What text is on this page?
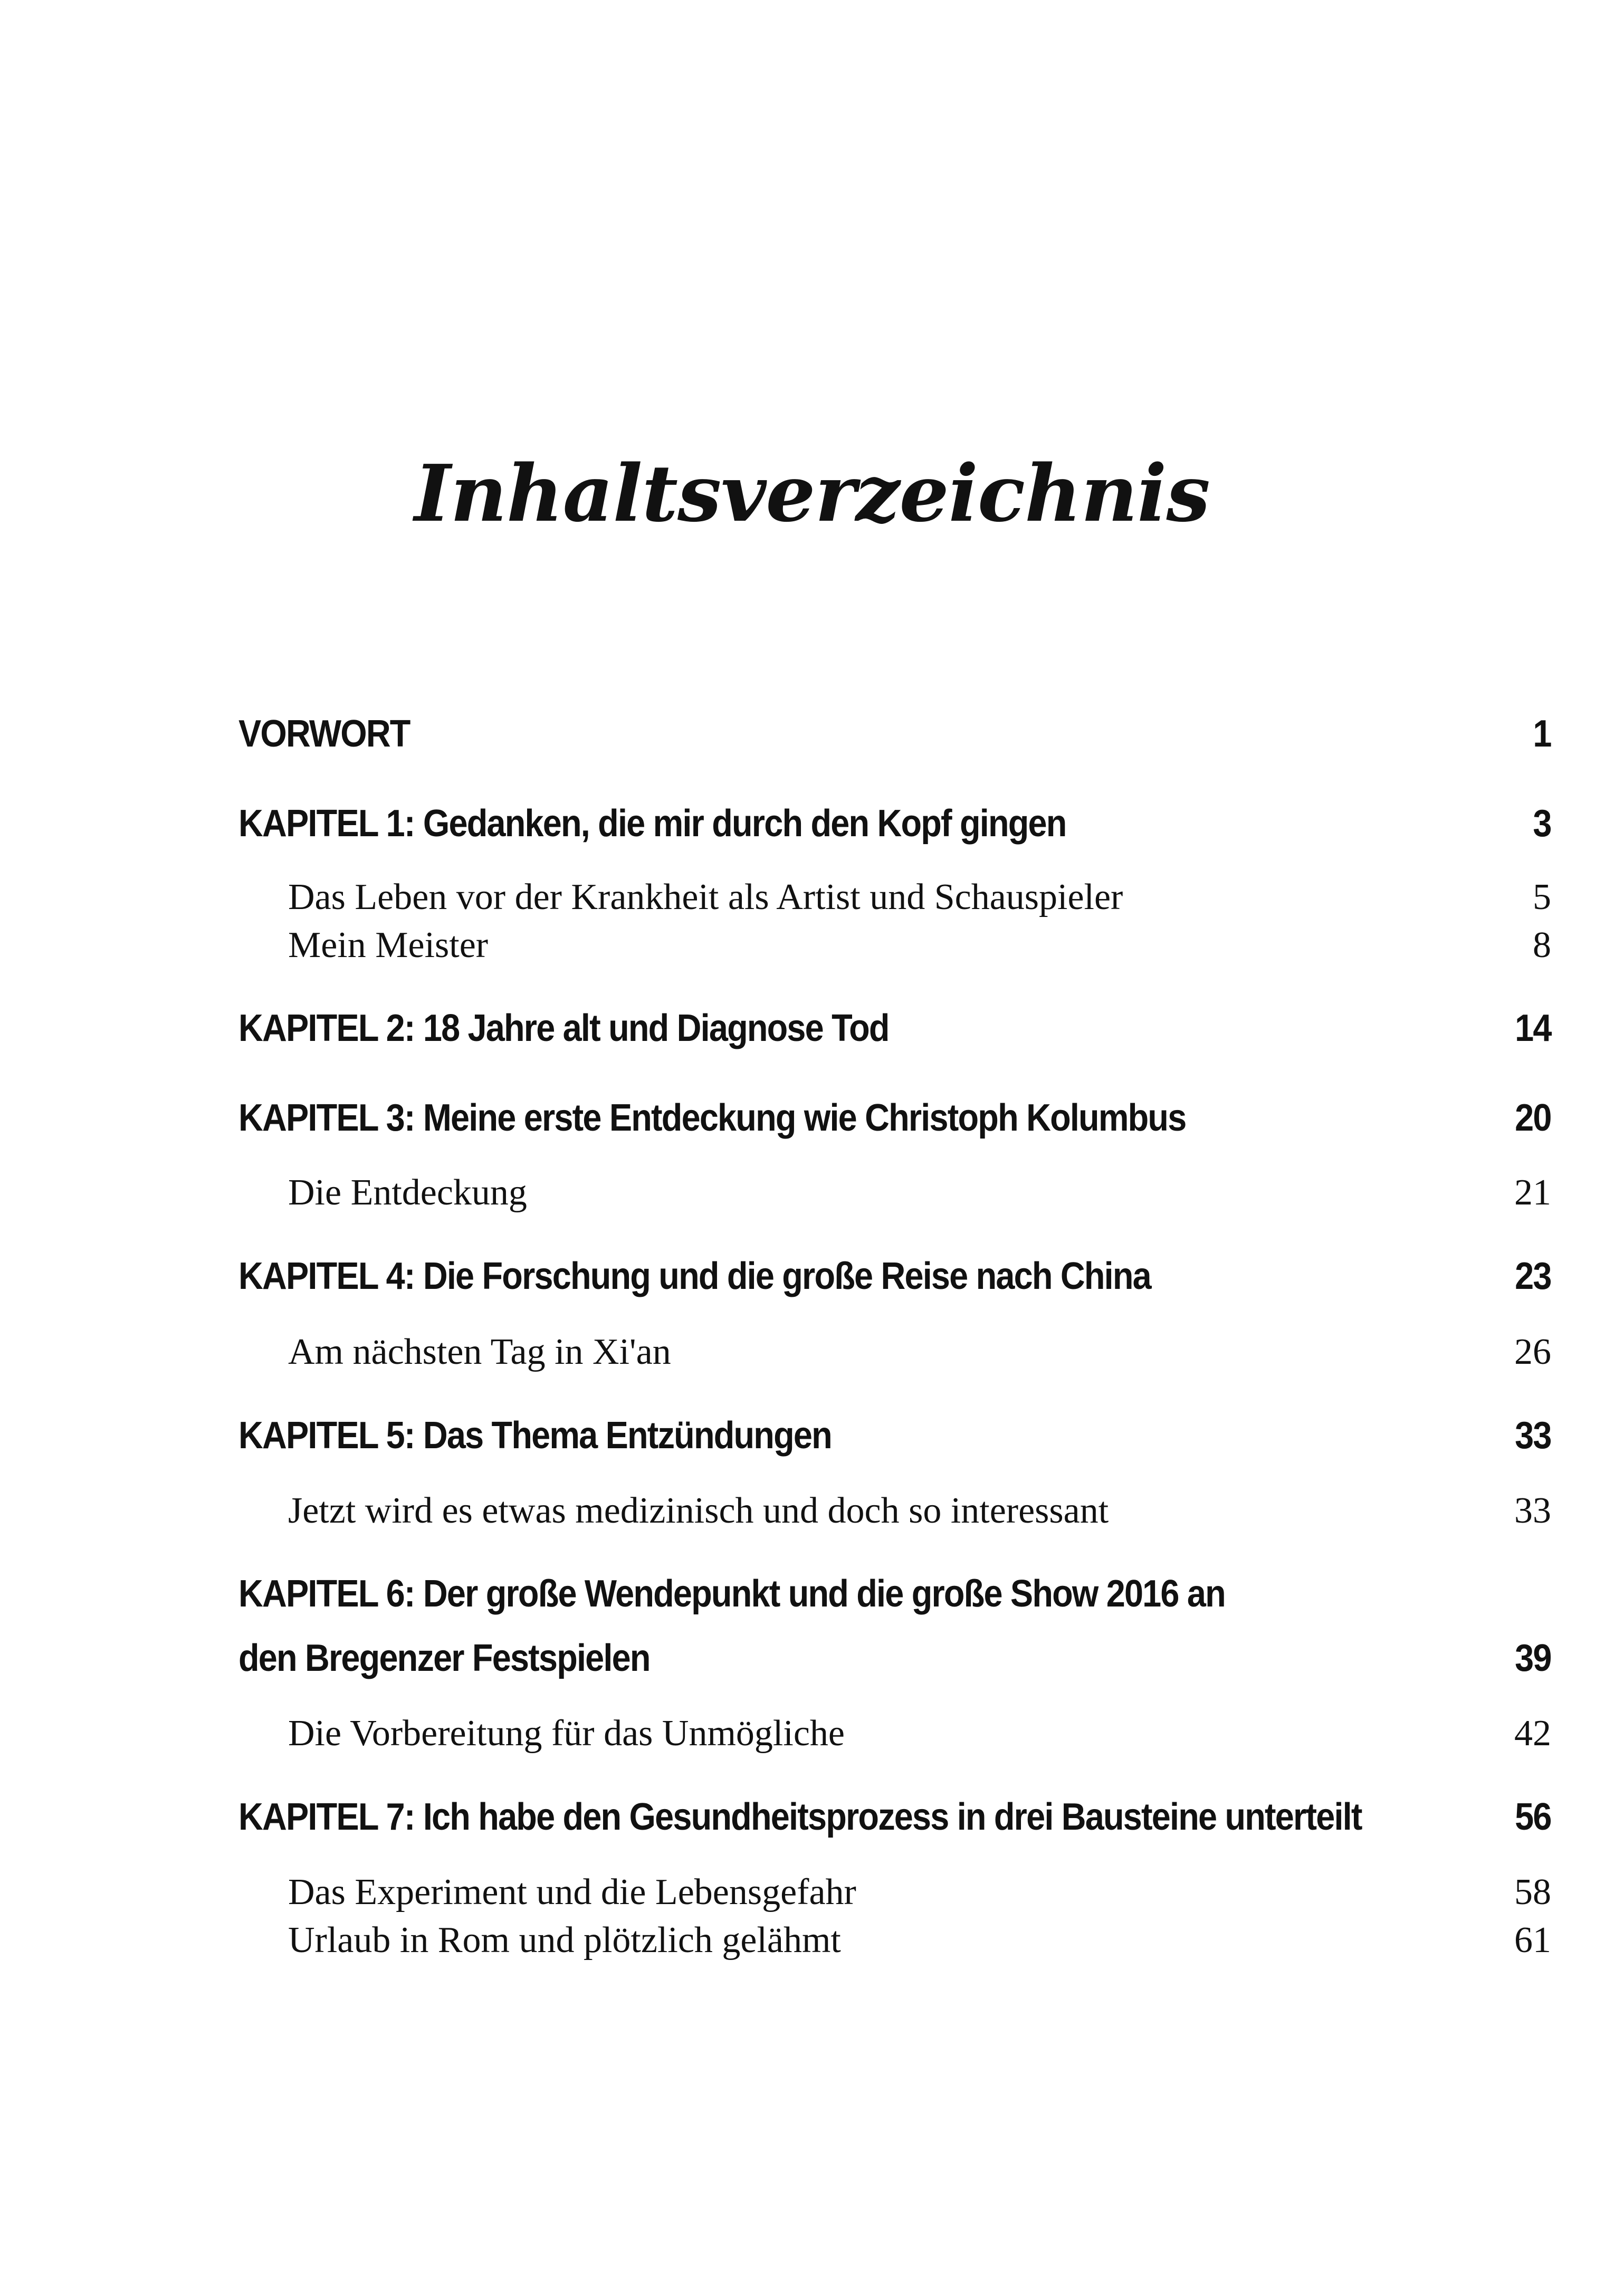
Inhaltsverzeichnis
VORWORT	1
KAPITEL 1: Gedanken, die mir durch den Kopf gingen	3
Das Leben vor der Krankheit als Artist und Schauspieler	5
Mein Meister	8
KAPITEL 2: 18 Jahre alt und Diagnose Tod	14
KAPITEL 3: Meine erste Entdeckung wie Christoph Kolumbus	20
Die Entdeckung	21
KAPITEL 4: Die Forschung und die große Reise nach China	23
Am nächsten Tag in Xi'an	26
KAPITEL 5: Das Thema Entzündungen	33
Jetzt wird es etwas medizinisch und doch so interessant	33
KAPITEL 6: Der große Wendepunkt und die große Show 2016 an den Bregenzer Festspielen	39
Die Vorbereitung für das Unmögliche	42
KAPITEL 7: Ich habe den Gesundheitsprozess in drei Bausteine unterteilt	56
Das Experiment und die Lebensgefahr	58
Urlaub in Rom und plötzlich gelähmt	61
